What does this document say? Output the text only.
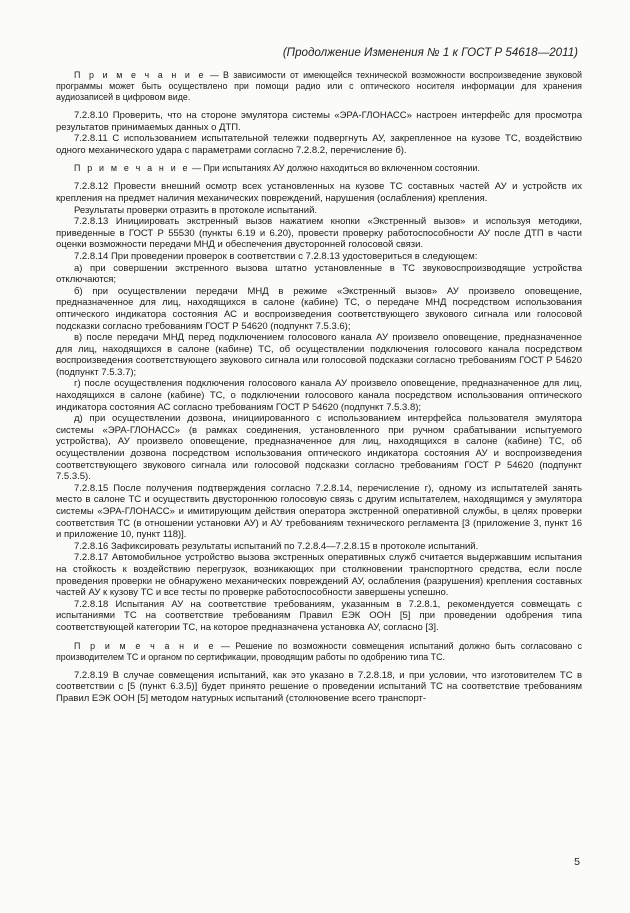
(Продолжение Изменения № 1 к ГОСТ Р 54618—2011)

П р и м е ч а н и е — В зависимости от имеющейся технической возможности воспроизведение звуковой программы может быть осуществлено при помощи радио или с оптического носителя информации для хранения аудиозаписей в цифровом виде.

7.2.8.10 Проверить, что на стороне эмулятора системы «ЭРА-ГЛОНАСС» настроен интерфейс для просмотра результатов принимаемых данных о ДТП.

7.2.8.11 С использованием испытательной тележки подвергнуть АУ, закрепленное на кузове ТС, воздействию одного механического удара с параметрами согласно 7.2.8.2, перечисление б).

П р и м е ч а н и е — При испытаниях АУ должно находиться во включенном состоянии.

7.2.8.12 Провести внешний осмотр всех установленных на кузове ТС составных частей АУ и устройств их крепления на предмет наличия механических повреждений, нарушения (ослабления) крепления.

Результаты проверки отразить в протоколе испытаний.

7.2.8.13 Инициировать экстренный вызов нажатием кнопки «Экстренный вызов» и используя методики, приведенные в ГОСТ Р 55530 (пункты 6.19 и 6.20), провести проверку работоспособности АУ после ДТП в части оценки возможности передачи МНД и обеспечения двусторонней голосовой связи.

7.2.8.14 При проведении проверок в соответствии с 7.2.8.13 удостовериться в следующем:

а) при совершении экстренного вызова штатно установленные в ТС звуковоспроизводящие устройства отключаются;

б) при осуществлении передачи МНД в режиме «Экстренный вызов» АУ произвело оповещение, предназначенное для лиц, находящихся в салоне (кабине) ТС, о передаче МНД посредством использования оптического индикатора состояния АС и воспроизведения соответствующего звукового сигнала или голосовой подсказки согласно требованиям ГОСТ Р 54620 (подпункт 7.5.3.6);

в) после передачи МНД перед подключением голосового канала АУ произвело оповещение, предназначенное для лиц, находящихся в салоне (кабине) ТС, об осуществлении подключения голосового канала посредством воспроизведения соответствующего звукового сигнала или голосовой подсказки согласно требованиям ГОСТ Р 54620 (подпункт 7.5.3.7);

г) после осуществления подключения голосового канала АУ произвело оповещение, предназначенное для лиц, находящихся в салоне (кабине) ТС, о подключении голосового канала посредством использования оптического индикатора состояния АС согласно требованиям ГОСТ Р 54620 (подпункт 7.5.3.8);

д) при осуществлении дозвона, инициированного с использованием интерфейса пользователя эмулятора системы «ЭРА-ГЛОНАСС» (в рамках соединения, установленного при ручном срабатывании испытуемого устройства), АУ произвело оповещение, предназначенное для лиц, находящихся в салоне (кабине) ТС, об осуществлении дозвона посредством использования оптического индикатора состояния АУ и воспроизведения соответствующего звукового сигнала или голосовой подсказки согласно требованиям ГОСТ Р 54620 (подпункт 7.5.3.5).

7.2.8.15 После получения подтверждения согласно 7.2.8.14, перечисление г), одному из испытателей занять место в салоне ТС и осуществить двустороннюю голосовую связь с другим испытателем, находящимся у эмулятора системы «ЭРА-ГЛОНАСС» и имитирующим действия оператора экстренной оперативной службы, в целях проверки соответствия ТС (в отношении установки АУ) и АУ требованиям технического регламента [3 (приложение 3, пункт 16 и приложение 10, пункт 118)].

7.2.8.16 Зафиксировать результаты испытаний по 7.2.8.4—7.2.8.15 в протоколе испытаний.

7.2.8.17 Автомобильное устройство вызова экстренных оперативных служб считается выдержавшим испытания на стойкость к воздействию перегрузок, возникающих при столкновении транспортного средства, если после проведения проверки не обнаружено механических повреждений АУ, ослабления (разрушения) крепления составных частей АУ к кузову ТС и все тесты по проверке работоспособности завершены успешно.

7.2.8.18 Испытания АУ на соответствие требованиям, указанным в 7.2.8.1, рекомендуется совмещать с испытаниями ТС на соответствие требованиям Правил ЕЭК ООН [5] при проведении одобрения типа соответствующей категории ТС, на которое предназначена установка АУ, согласно [3].

П р и м е ч а н и е — Решение по возможности совмещения испытаний должно быть согласовано с производителем ТС и органом по сертификации, проводящим работы по одобрению типа ТС.

7.2.8.19 В случае совмещения испытаний, как это указано в 7.2.8.18, и при условии, что изготовителем ТС в соответствии с [5 (пункт 6.3.5)] будет принято решение о проведении испытаний ТС на соответствие требованиям Правил ЕЭК ООН [5] методом натурных испытаний (столкновение всего транспорт-

5
